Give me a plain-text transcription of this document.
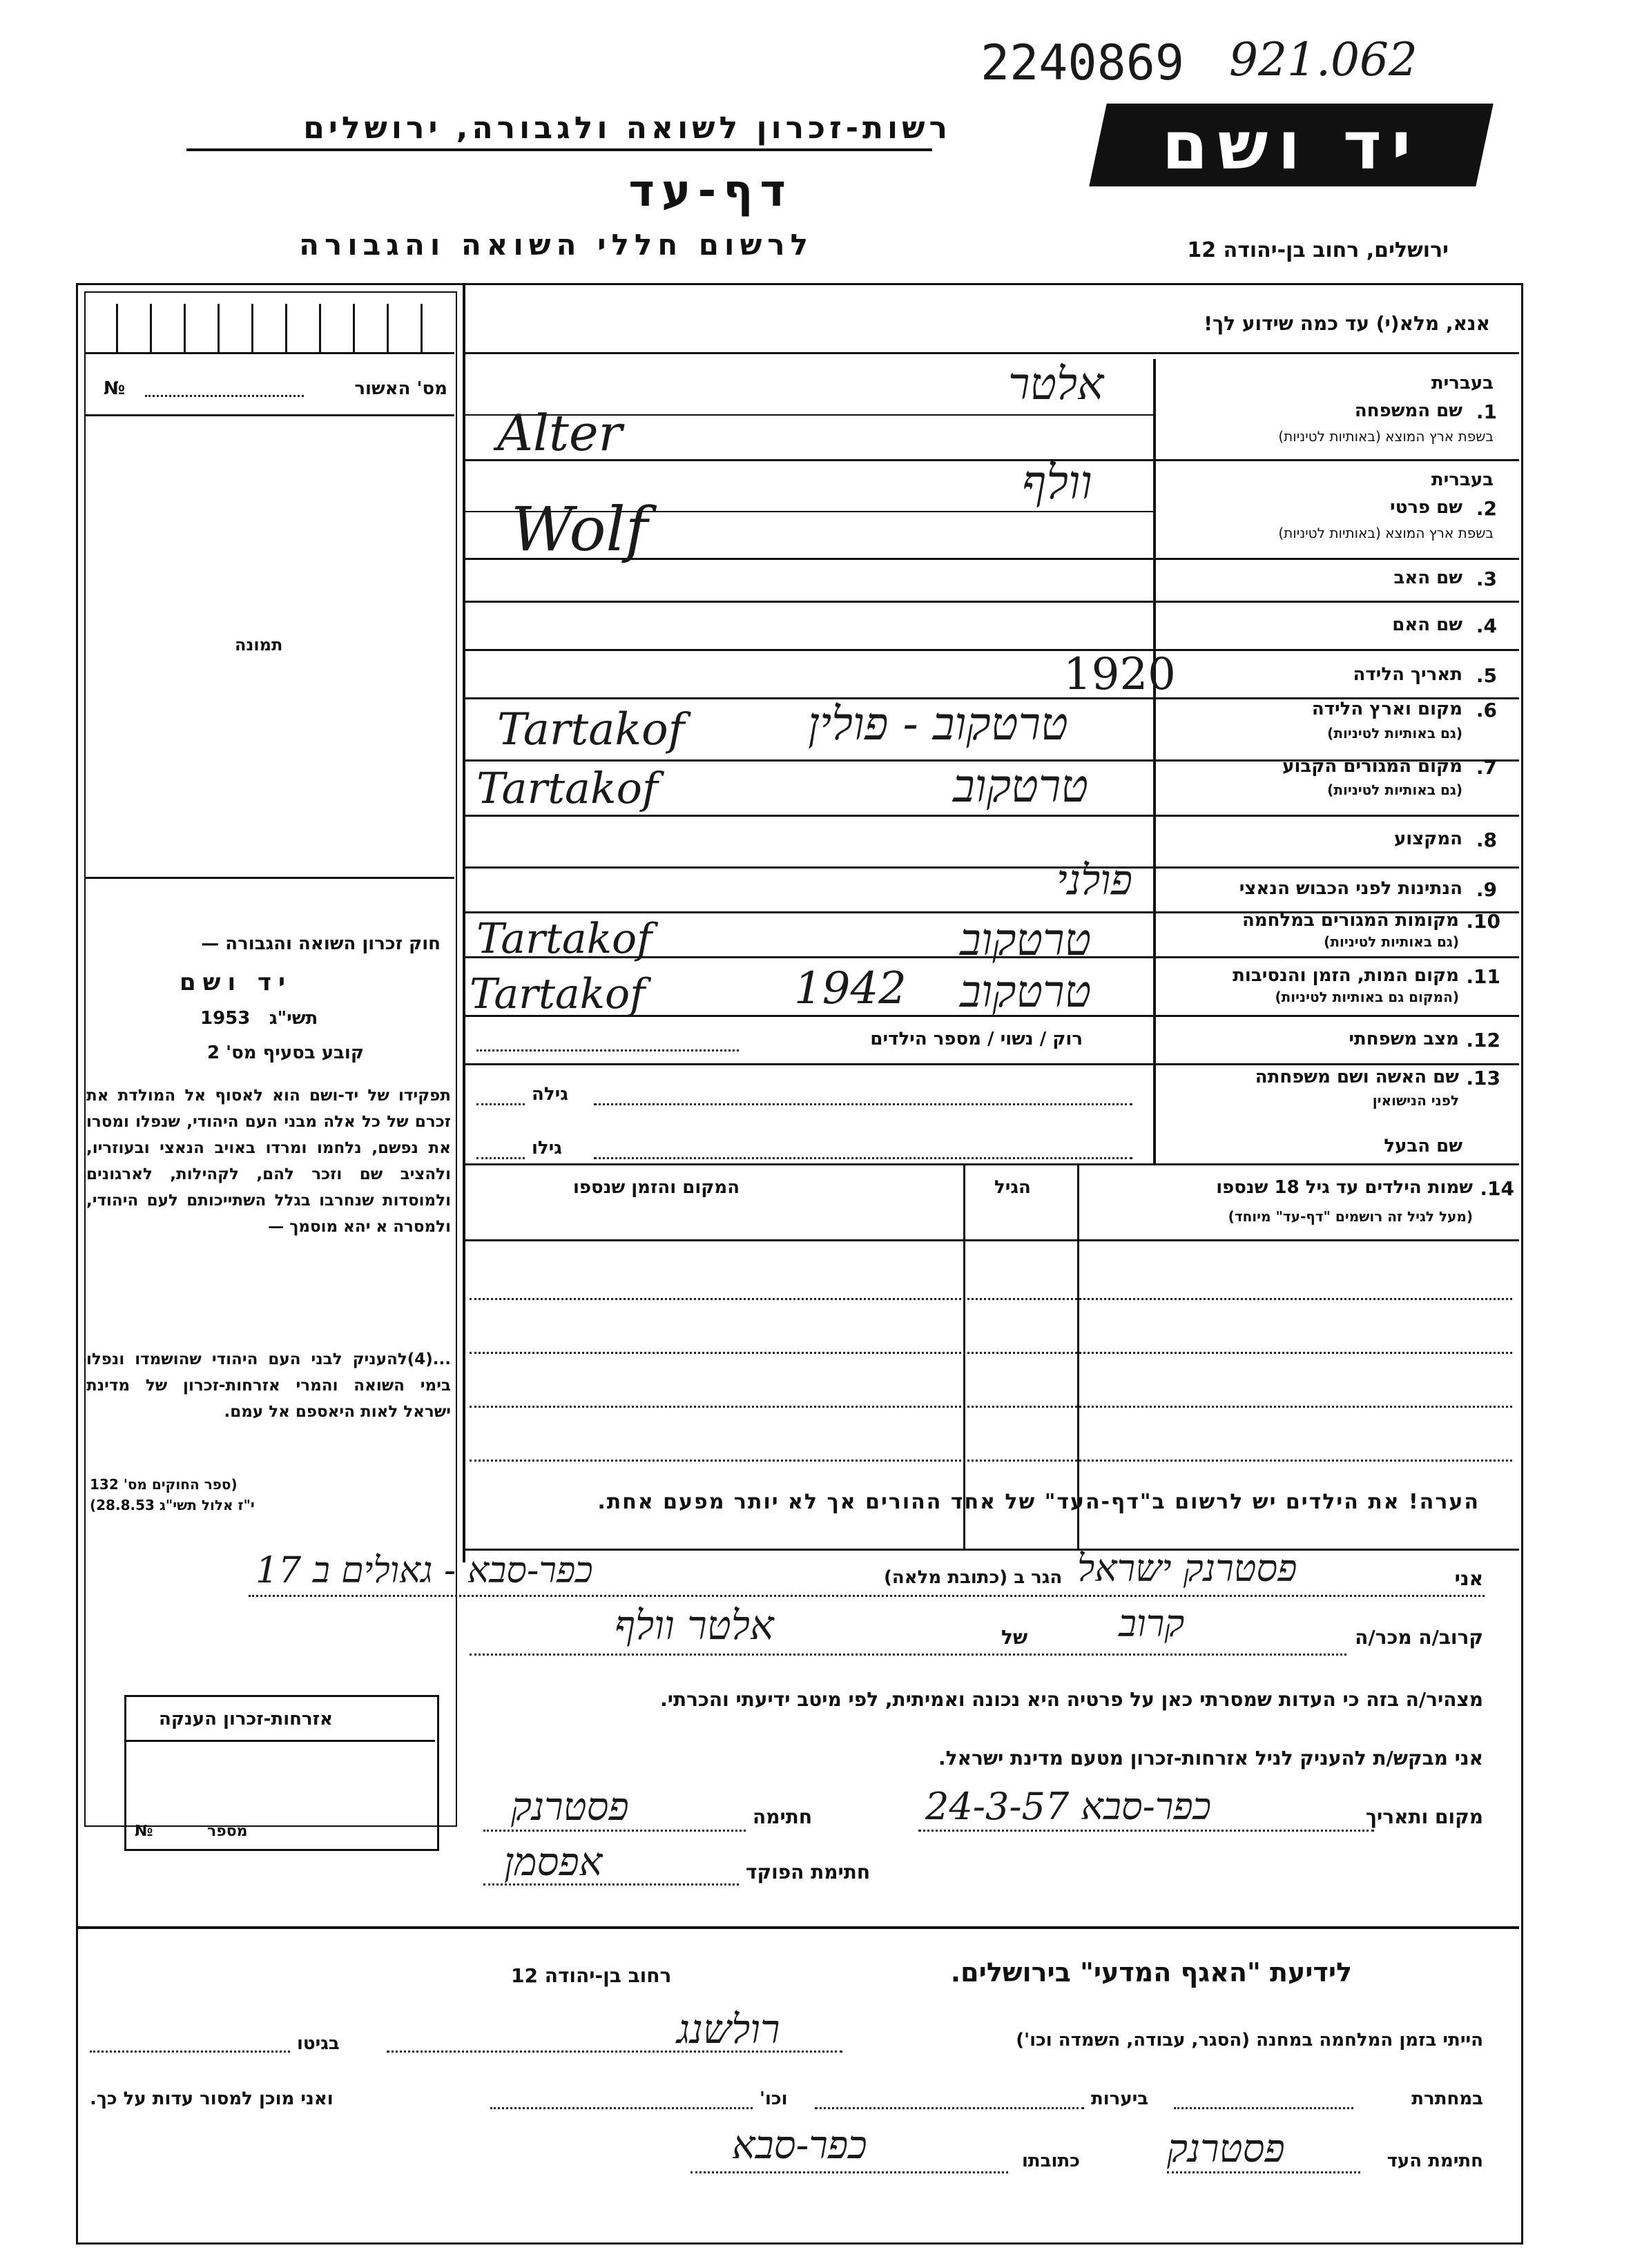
2240869 921.062
רשות-זכרון לשואה ולגבורה, ירושלים
דף-עד
לרשום חללי השואה והגבורה
יד ושם
ירושלים, רחוב בן-יהודה 12
מס' האשור
№
תמונה
חוק זכרון השואה והגבורה —
יד ושם
1953 תשי"ג
קובע בסעיף מס' 2
תפקידו של יד-ושם הוא לאסוף אל המולדת את זכרם של כל אלה מבני העם היהודי, שנפלו ומסרו את נפשם, נלחמו ומרדו באויב הנאצי ובעוזריו, ולהציב שם וזכר להם, לקהילות, לארגונים ולמוסדות שנחרבו בגלל השתייכותם לעם היהודי, ולמסרה א יהא מוסמך —
...(4)להעניק לבני העם היהודי שהושמדו ונפלו בימי השואה והמרי אזרחות-זכרון של מדינת ישראל לאות היאספם אל עמם.
(ספר החוקים מס' 132
י"ז אלול תשי"ג 28.8.53)
אזרחות-זכרון הענקה
מספר
№
אנא, מלא(י) עד כמה שידוע לך!
בעברית
1.
שם המשפחה
בשפת ארץ המוצא (באותיות לטיניות)
אלטר
Alter
בעברית
2.
שם פרטי
בשפת ארץ המוצא (באותיות לטיניות)
וולף
Wolf
3.
שם האב
4.
שם האם
5.
תאריך הלידה
1920
6.
מקום וארץ הלידה
(גם באותיות לטיניות)
טרטקוב - פולין
Tartakof
7.
מקום המגורים הקבוע
(גם באותיות לטיניות)
טרטקוב
Tartakof
8.
המקצוע
9.
הנתינות לפני הכבוש הנאצי
פולני
10.
מקומות המגורים במלחמה
(גם באותיות לטיניות)
טרטקוב
Tartakof
11.
מקום המות, הזמן והנסיבות
(המקום גם באותיות לטיניות)
טרטקוב
1942
Tartakof
12.
מצב משפחתי
רוק / נשוי / מספר הילדים
13.
שם האשה ושם משפחתה
לפני הנישואין
גילה
שם הבעל
גילו
14.
שמות הילדים עד גיל 18 שנספו
(מעל לגיל זה רושמים "דף-עד" מיוחד)
הגיל
המקום והזמן שנספו
הערה! את הילדים יש לרשום ב"דף-העד" של אחד ההורים אך לא יותר מפעם אחת.
אני
פסטרנק ישראל
הגר ב (כתובת מלאה)
כפר-סבא - גאולים ב 17
קרוב/ה מכר/ה
קרוב
של
אלטר וולף
מצהיר/ה בזה כי העדות שמסרתי כאן על פרטיה היא נכונה ואמיתית, לפי מיטב ידיעתי והכרתי.
אני מבקש/ת להעניק לניל אזרחות-זכרון מטעם מדינת ישראל.
מקום ותאריך
כפר-סבא 24-3-57
חתימה
פסטרנק
חתימת הפוקד
אפסמן
לידיעת "האגף המדעי" בירושלים.
רחוב בן-יהודה 12
הייתי בזמן המלחמה במחנה (הסגר, עבודה, השמדה וכו')
רולשנג
בגיטו
במחתרת
ביערות
וכו'
ואני מוכן למסור עדות על כך.
חתימת העד
פסטרנק
כתובתו
כפר-סבא
